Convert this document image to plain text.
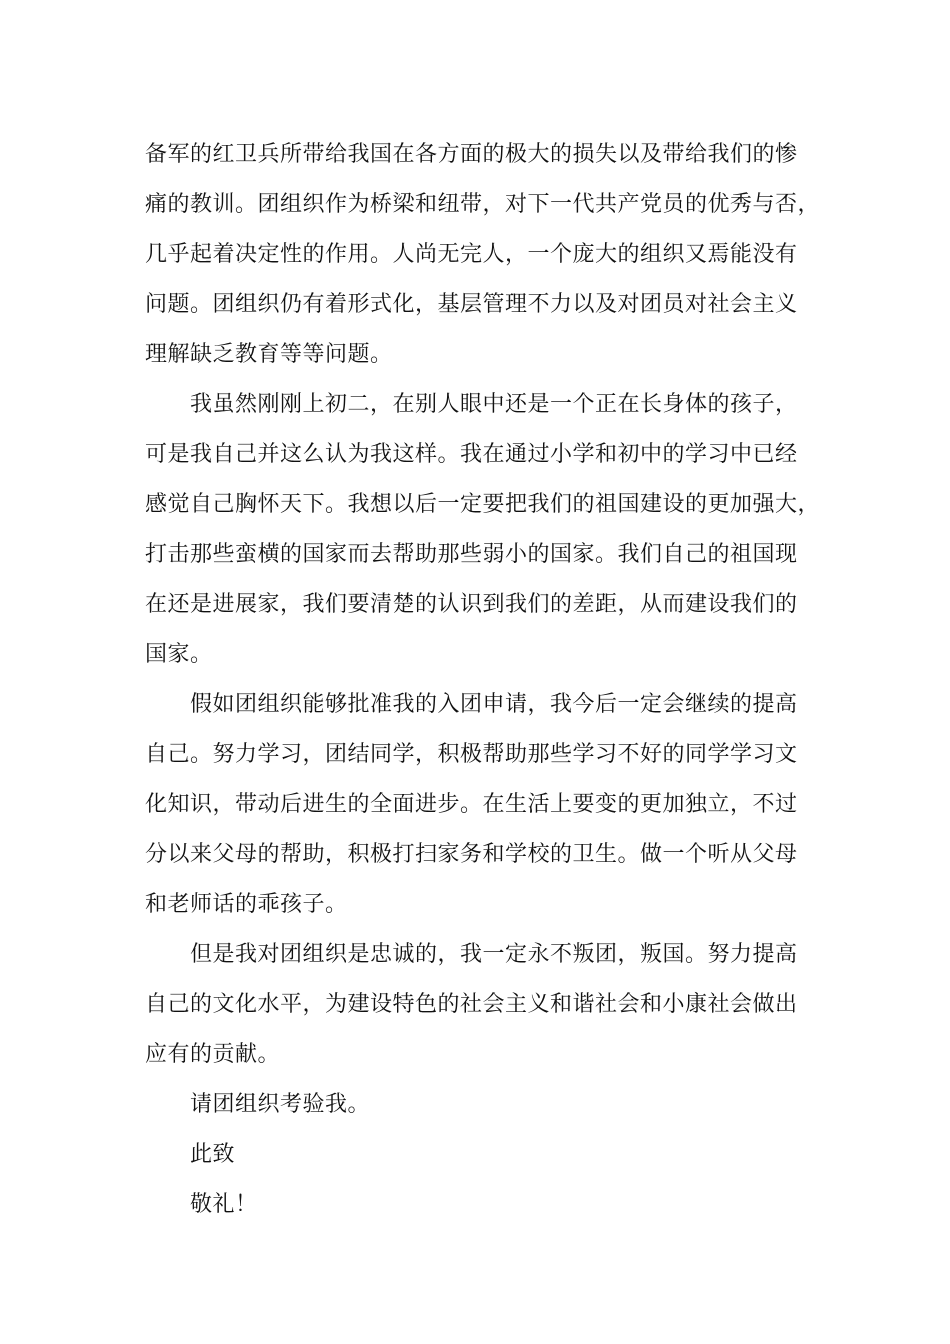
备军的红卫兵所带给我国在各方面的极大的损失以及带给我们的惨
痛的教训。团组织作为桥梁和纽带，对下一代共产党员的优秀与否，
几乎起着决定性的作用。人尚无完人，一个庞大的组织又焉能没有
问题。团组织仍有着形式化，基层管理不力以及对团员对社会主义
理解缺乏教育等等问题。
我虽然刚刚上初二，在别人眼中还是一个正在长身体的孩子，
可是我自己并这么认为我这样。我在通过小学和初中的学习中已经
感觉自己胸怀天下。我想以后一定要把我们的祖国建设的更加强大，
打击那些蛮横的国家而去帮助那些弱小的国家。我们自己的祖国现
在还是进展家，我们要清楚的认识到我们的差距，从而建设我们的
国家。
假如团组织能够批准我的入团申请，我今后一定会继续的提高
自己。努力学习，团结同学，积极帮助那些学习不好的同学学习文
化知识，带动后进生的全面进步。在生活上要变的更加独立，不过
分以来父母的帮助，积极打扫家务和学校的卫生。做一个听从父母
和老师话的乖孩子。
但是我对团组织是忠诚的，我一定永不叛团，叛国。努力提高
自己的文化水平，为建设特色的社会主义和谐社会和小康社会做出
应有的贡献。
请团组织考验我。
此致
敬礼！
